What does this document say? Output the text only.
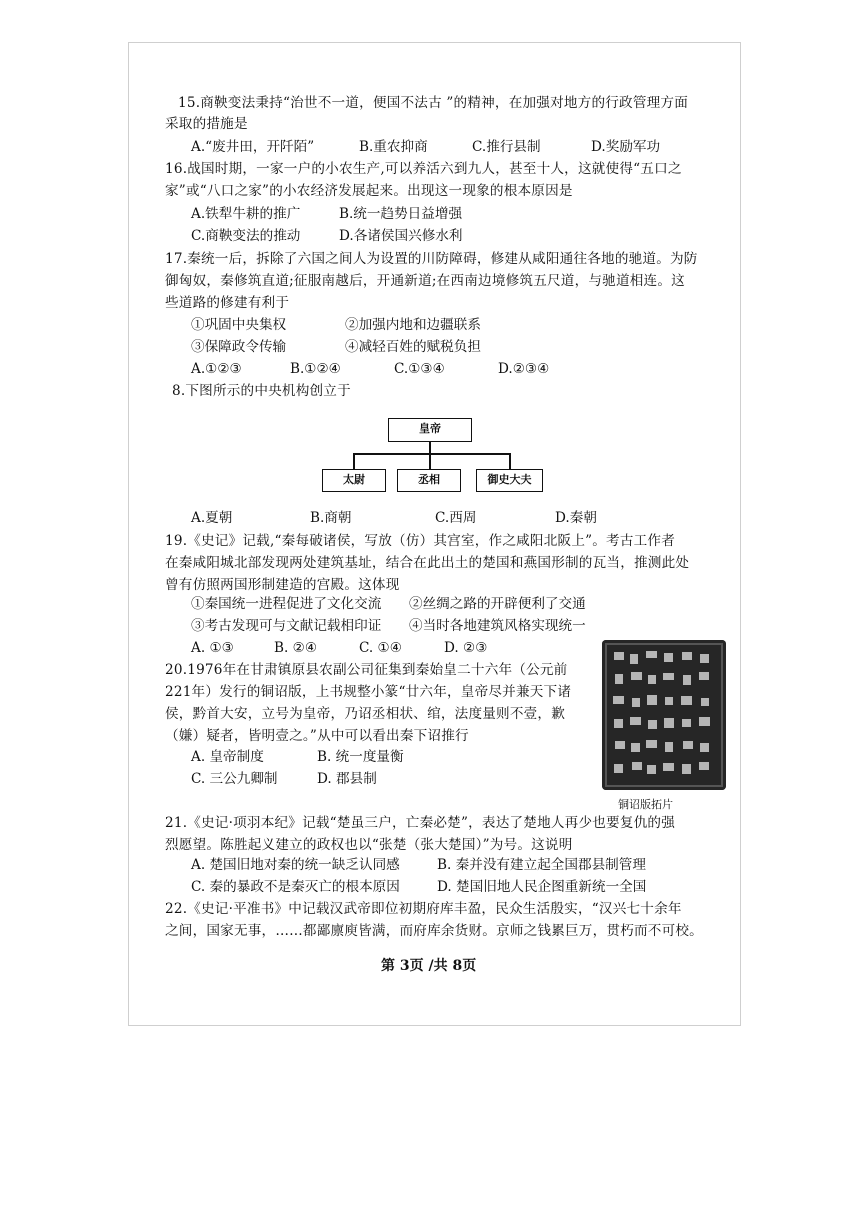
15.商鞅变法秉持“治世不一道，便国不法古 ”的精神，在加强对地方的行政管理方面
采取的措施是
A.“废井田，开阡陌”	B.重农抑商	C.推行县制	D.奖励军功
16.战国时期，一家一户的小农生产,可以养活六到九人，甚至十人，这就使得“五口之
家”或“八口之家”的小农经济发展起来。出现这一现象的根本原因是
A.铁犁牛耕的推广	B.统一趋势日益增强
C.商鞅变法的推动	D.各诸侯国兴修水利
17.秦统一后，拆除了六国之间人为设置的川防障碍，修建从咸阳通往各地的驰道。为防
御匈奴，秦修筑直道;征服南越后，开通新道;在西南边境修筑五尺道，与驰道相连。这
些道路的修建有利于
①巩固中央集权	②加强内地和边疆联系
③保障政令传输	④减轻百姓的赋税负担
A.①②③	B.①②④	C.①③④	D.②③④
8.下图所示的中央机构创立于
皇帝
太尉	丞相	御史大夫
A.夏朝	B.商朝	C.西周	D.秦朝
19.《史记》记载,“秦每破诸侯，写放（仿）其宫室，作之咸阳北阪上”。考古工作者
在秦咸阳城北部发现两处建筑基址，结合在此出土的楚国和燕国形制的瓦当，推测此处
曾有仿照两国形制建造的宫殿。这体现
①秦国统一进程促进了文化交流 ②丝绸之路的开辟便利了交通
③考古发现可与文献记载相印证 ④当时各地建筑风格实现统一
A. ①③	B. ②④	C. ①④	D. ②③
20.1976年在甘肃镇原县农副公司征集到秦始皇二十六年（公元前
221年）发行的铜诏版，上书规整小篆“廿六年，皇帝尽并兼天下诸
侯，黔首大安，立号为皇帝，乃诏丞相状、绾，法度量则不壹，歉
（嫌）疑者，皆明壹之。”从中可以看出秦下诏推行
A. 皇帝制度	B. 统一度量衡
C. 三公九卿制	D. 郡县制
铜诏版拓片
21.《史记·项羽本纪》记载“楚虽三户，亡秦必楚”，表达了楚地人再少也要复仇的强
烈愿望。陈胜起义建立的政权也以“张楚（张大楚国）”为号。这说明
A. 楚国旧地对秦的统一缺乏认同感	B. 秦并没有建立起全国郡县制管理
C. 秦的暴政不是秦灭亡的根本原因	D. 楚国旧地人民企图重新统一全国
22.《史记·平准书》中记载汉武帝即位初期府库丰盈，民众生活殷实，“汉兴七十余年
之间，国家无事，……都鄙廪庾皆满，而府库余货财。京师之钱累巨万，贯朽而不可校。
第 3页 /共 8页
